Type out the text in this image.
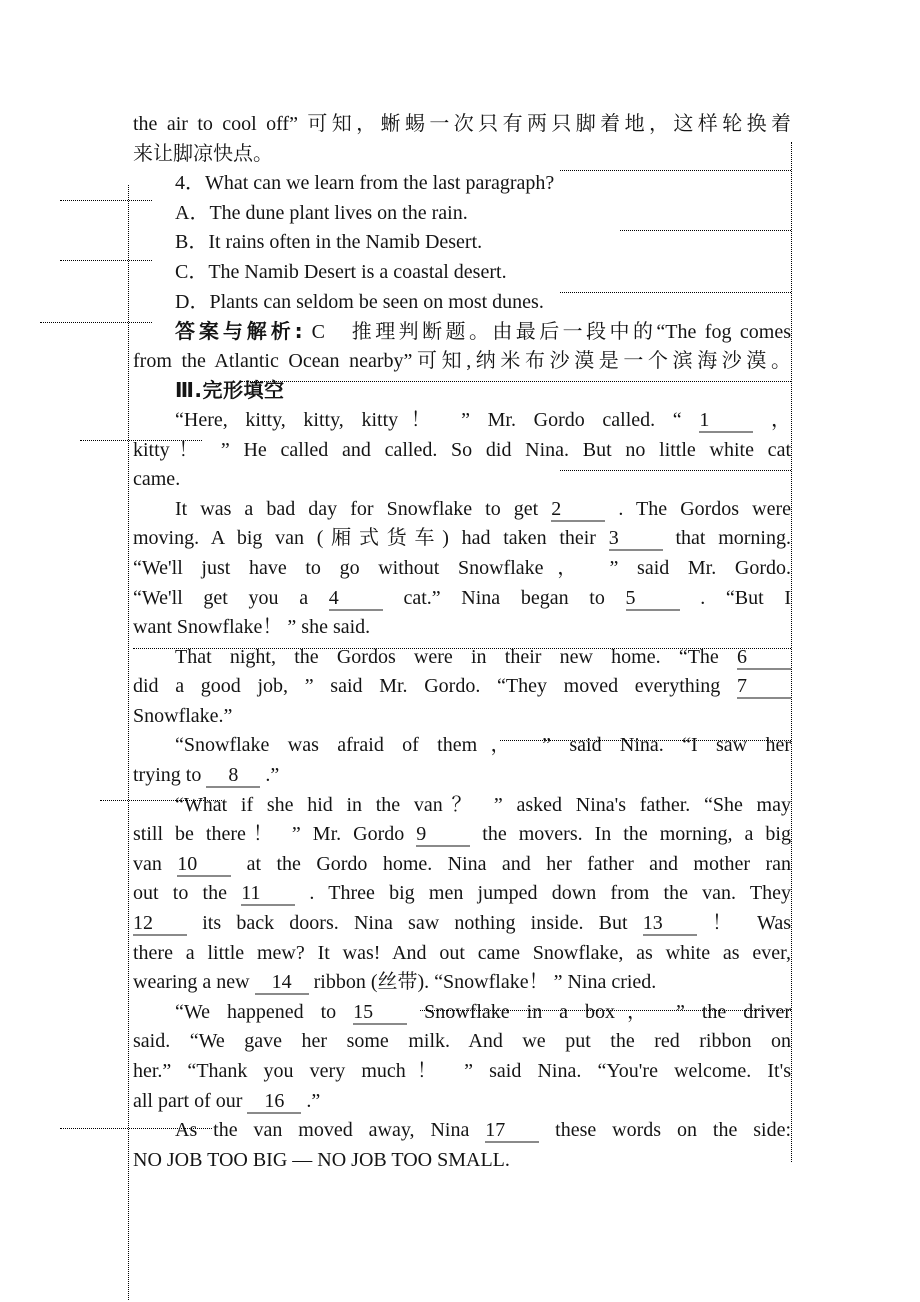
the air to cool off” 可知，蜥蜴一次只有两只脚着地，这样轮换着
来让脚凉快点。
4．What can we learn from the last paragraph?
A．The dune plant lives on the rain.
B．It rains often in the Namib Desert.
C．The Namib Desert is a coastal desert.
D．Plants can seldom be seen on most dunes.
答案与解析: C　推理判断题。由最后一段中的“The fog comes
from the Atlantic Ocean nearby”可知,纳米布沙漠是一个滨海沙漠。
Ⅲ.完形填空
“Here, kitty, kitty, kitty！ ” Mr. Gordo called. “ 1 ，
kitty！ ” He called and called. So did Nina. But no little white cat
came.
It was a bad day for Snowflake to get 2 . The Gordos were
moving. A big van (厢式货车) had taken their 3 that morning.
“We'll just have to go without Snowflake， ” said Mr. Gordo.
“We'll get you a 4 cat.” Nina began to 5 . “But I
want Snowflake！ ” she said.
That night, the Gordos were in their new home. “The 6
did a good job, ” said Mr. Gordo. “They moved everything 7
Snowflake.”
“Snowflake was afraid of them， ” said Nina. “I saw her
trying to 8 .”
“What if she hid in the van？ ” asked Nina's father. “She may
still be there！ ” Mr. Gordo 9 the movers. In the morning, a big
van 10 at the Gordo home. Nina and her father and mother ran
out to the 11 . Three big men jumped down from the van. They
12 its back doors. Nina saw nothing inside. But 13 ！ Was
there a little mew? It was! And out came Snowflake, as white as ever,
wearing a new 14 ribbon (丝带). “Snowflake！ ” Nina cried.
“We happened to 15 Snowflake in a box， ” the driver
said. “We gave her some milk. And we put the red ribbon on
her.” “Thank you very much！ ” said Nina. “You're welcome. It's
all part of our 16 .”
As the van moved away, Nina 17 these words on the side:
NO JOB TOO BIG — NO JOB TOO SMALL.
